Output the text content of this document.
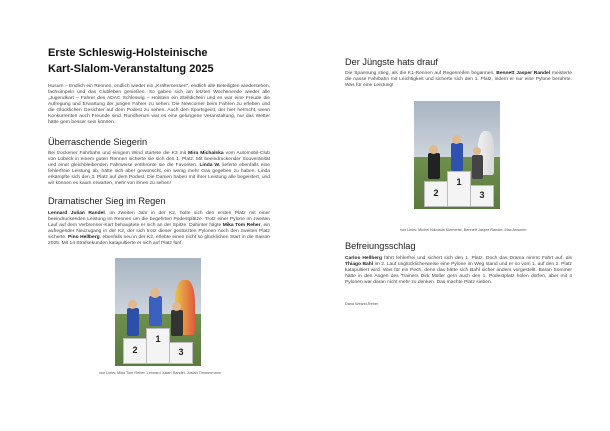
Erste Schleswig-Holsteinische
Kart-Slalom-Veranstaltung 2025
Husum – Endlich ein Rennen, endlich wieder ein „Kräftemessen“, endlich alle Beteiligten wiedersehen, fachsimpeln und das Clubleben genießen. So gaben sich am letzten Wochenende wieder alle „Jugendkart – Fahrer des ADAC Schleswig – Holstein ein Stelldichein und es war eine Freude die Aufregung und Erwartung der jungen Fahrer zu sehen. Die Newcomer beim Fahren zu erleben und die Glücklichen Gesichter auf dem Podest zu sehen. Auch den Sportsgeist, der hier herrscht, wenn Konkurrenten auch Freunde sind. Rundherum war es eine gelungene Veranstaltung, nur das Wetter hätte gern besser sein können.
Überraschende Siegerin
Bei trockener Fahrbahn und einigem Wind startete die K3 mit Mira Michalska vom Automobil-Club von Lübeck in einem guten Rennen sicherte sie sich den 1. Platz. Mit beeindruckender Souveränität und einer gleichbleibenden Fahrweise entthronte sie die Favoriten. Linda W. lieferte ebenfalls eine fehlerfreie Leistung ab, hätte sich aber gewünscht, ein wenig mehr Gas gegeben zu haben. Linda erkämpfte sich den 3. Platz auf dem Podest. Die Damen haben mit ihrer Leistung alle begeistert, und wir können es kaum erwarten, mehr von ihnen zu sehen!
Dramatischer Sieg im Regen
Lennard Julian Randel, im zweiten Jahr in der K2, holte sich den ersten Platz mit einer beeindruckenden Leistung im Rennen um die begehrten Podestplätze. Trotz einer Pylone im zweiten Lauf auf dem Verbrenner-Kart behauptete er sich an der Spitze. Dahinter folgte Mika Tom Reher, ein aufregender Neuzugang in der K2, der sich trotz dieser gestürzten Pylonen noch den zweiten Platz sicherte. Pino Hellberg, ebenfalls neu in der K2, erlebte einen nicht so glücklichen Start in die Saison 2025. Mit 14 Strafsekunden katapultierte er sich auf Platz fünf.
2
1
3
von Links: Mika Tom Reher, Lennard Julian Randel, Josiah Timmermann
Der Jüngste hats drauf
Die Spannung stieg, als die K1-Rennen auf Regenreifen begannen. Bennett Jasper Randel meisterte die nasse Fahrbahn mit Leichtigkeit und sicherte sich den 1. Platz, indem er nur eine Pylone berührte. Was für eine Leistung!
2
1
3
von Links: Michel Nikolaus Klemerist, Bennett Jasper Randel, Max Ansorim
Befreiungsschlag
Carlos Hellberg fährt fehlerfrei und sichert sich den 1. Platz. Doch das Drama nimmt Fahrt auf, als Thiago Bahl im 2. Lauf unglücklicherweise eine Pylone im Weg stand und er so vom 1. auf den 2. Platz katapultiert wird. Was für ein Pech, denn das hätte sich Bahl sicher anders vorgestellt. Baran Sommer hätte in den Augen des Trainers Dirk Müller gern auch den 1. Podestplatz holen dürfen, aber mit 4 Pylonen war daran nicht mehr zu denken. Das machte Platz sieben.
Dana Wetzel-Reher
